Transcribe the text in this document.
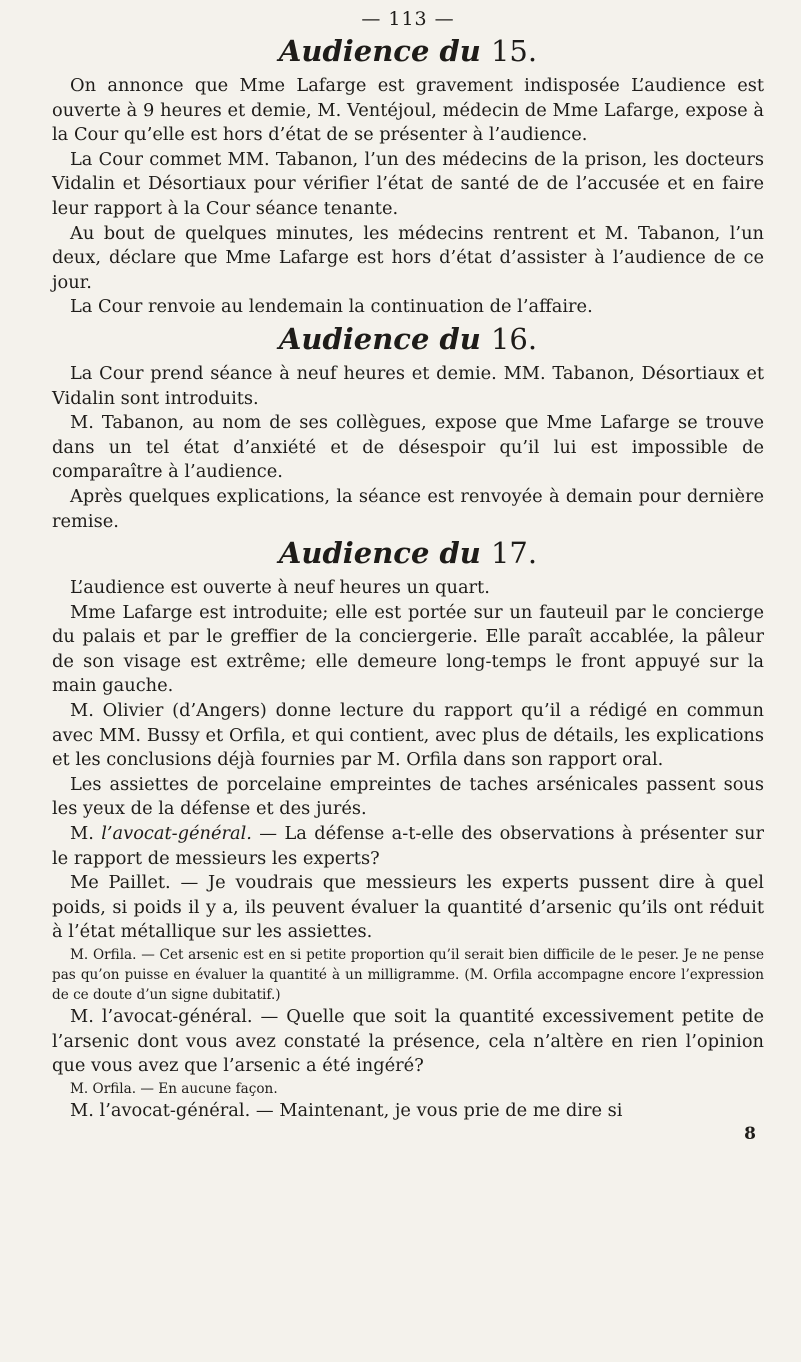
— 113 —
Audience du 15.

On annonce que Mme Lafarge est gravement indisposée L’audience est ouverte à 9 heures et demie, M. Ventéjoul, médecin de Mme Lafarge, expose à la Cour qu’elle est hors d’état de se présenter à l’audience.

La Cour commet MM. Tabanon, l’un des médecins de la prison, les docteurs Vidalin et Désortiaux pour vérifier l’état de santé de de l’accusée et en faire leur rapport à la Cour séance tenante.

Au bout de quelques minutes, les médecins rentrent et M. Tabanon, l’un deux, déclare que Mme Lafarge est hors d’état d’assister à l’audience de ce jour.

La Cour renvoie au lendemain la continuation de l’affaire.

Audience du 16.

La Cour prend séance à neuf heures et demie. MM. Tabanon, Désortiaux et Vidalin sont introduits.

M. Tabanon, au nom de ses collègues, expose que Mme Lafarge se trouve dans un tel état d’anxiété et de désespoir qu’il lui est impossible de comparaître à l’audience.

Après quelques explications, la séance est renvoyée à demain pour dernière remise.

Audience du 17.

L’audience est ouverte à neuf heures un quart.

Mme Lafarge est introduite; elle est portée sur un fauteuil par le concierge du palais et par le greffier de la conciergerie. Elle paraît accablée, la pâleur de son visage est extrême; elle demeure long-temps le front appuyé sur la main gauche.

M. Olivier (d’Angers) donne lecture du rapport qu’il a rédigé en commun avec MM. Bussy et Orfila, et qui contient, avec plus de détails, les explications et les conclusions déjà fournies par M. Orfila dans son rapport oral.

Les assiettes de porcelaine empreintes de taches arsénicales passent sous les yeux de la défense et des jurés.

M. l’avocat-général. — La défense a-t-elle des observations à présenter sur le rapport de messieurs les experts?

Me Paillet. — Je voudrais que messieurs les experts pussent dire à quel poids, si poids il y a, ils peuvent évaluer la quantité d’arsenic qu’ils ont réduit à l’état métallique sur les assiettes.

M. Orfila. — Cet arsenic est en si petite proportion qu’il serait bien difficile de le peser. Je ne pense pas qu’on puisse en évaluer la quantité à un milligramme. (M. Orfila accompagne encore l’expression de ce doute d’un signe dubitatif.)

M. l’avocat-général. — Quelle que soit la quantité excessivement petite de l’arsenic dont vous avez constaté la présence, cela n’altère en rien l’opinion que vous avez que l’arsenic a été ingéré?

M. Orfila. — En aucune façon.

M. l’avocat-général. — Maintenant, je vous prie de me dire si

8
